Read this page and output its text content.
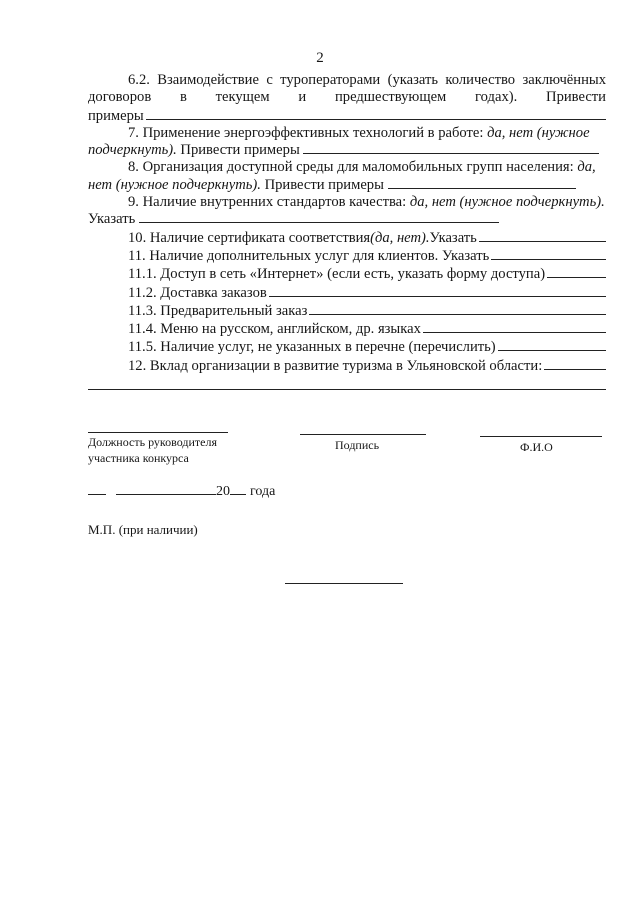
2

6.2. Взаимодействие с туроператорами (указать количество заключённых договоров в текущем и предшествующем годах). Привести

примеры

7. Применение энергоэффективных технологий в работе: да, нет (нужное подчеркнуть). Привести примеры

8. Организация доступной среды для маломобильных групп населения: да, нет (нужное подчеркнуть). Привести примеры

9. Наличие внутренних стандартов качества: да, нет (нужное подчеркнуть). Указать

10. Наличие сертификата соответствия (да, нет). Указать

11. Наличие дополнительных услуг для клиентов. Указать

11.1. Доступ в сеть «Интернет» (если есть, указать форму доступа)

11.2. Доставка заказов

11.3. Предварительный заказ

11.4. Меню на русском, английском, др. языках

11.5. Наличие услуг, не указанных в перечне (перечислить)

12. Вклад организации в развитие туризма в Ульяновской области:

Должность руководителя участника конкурса
Подпись	Ф.И.О
20 года
М.П. (при наличии)
